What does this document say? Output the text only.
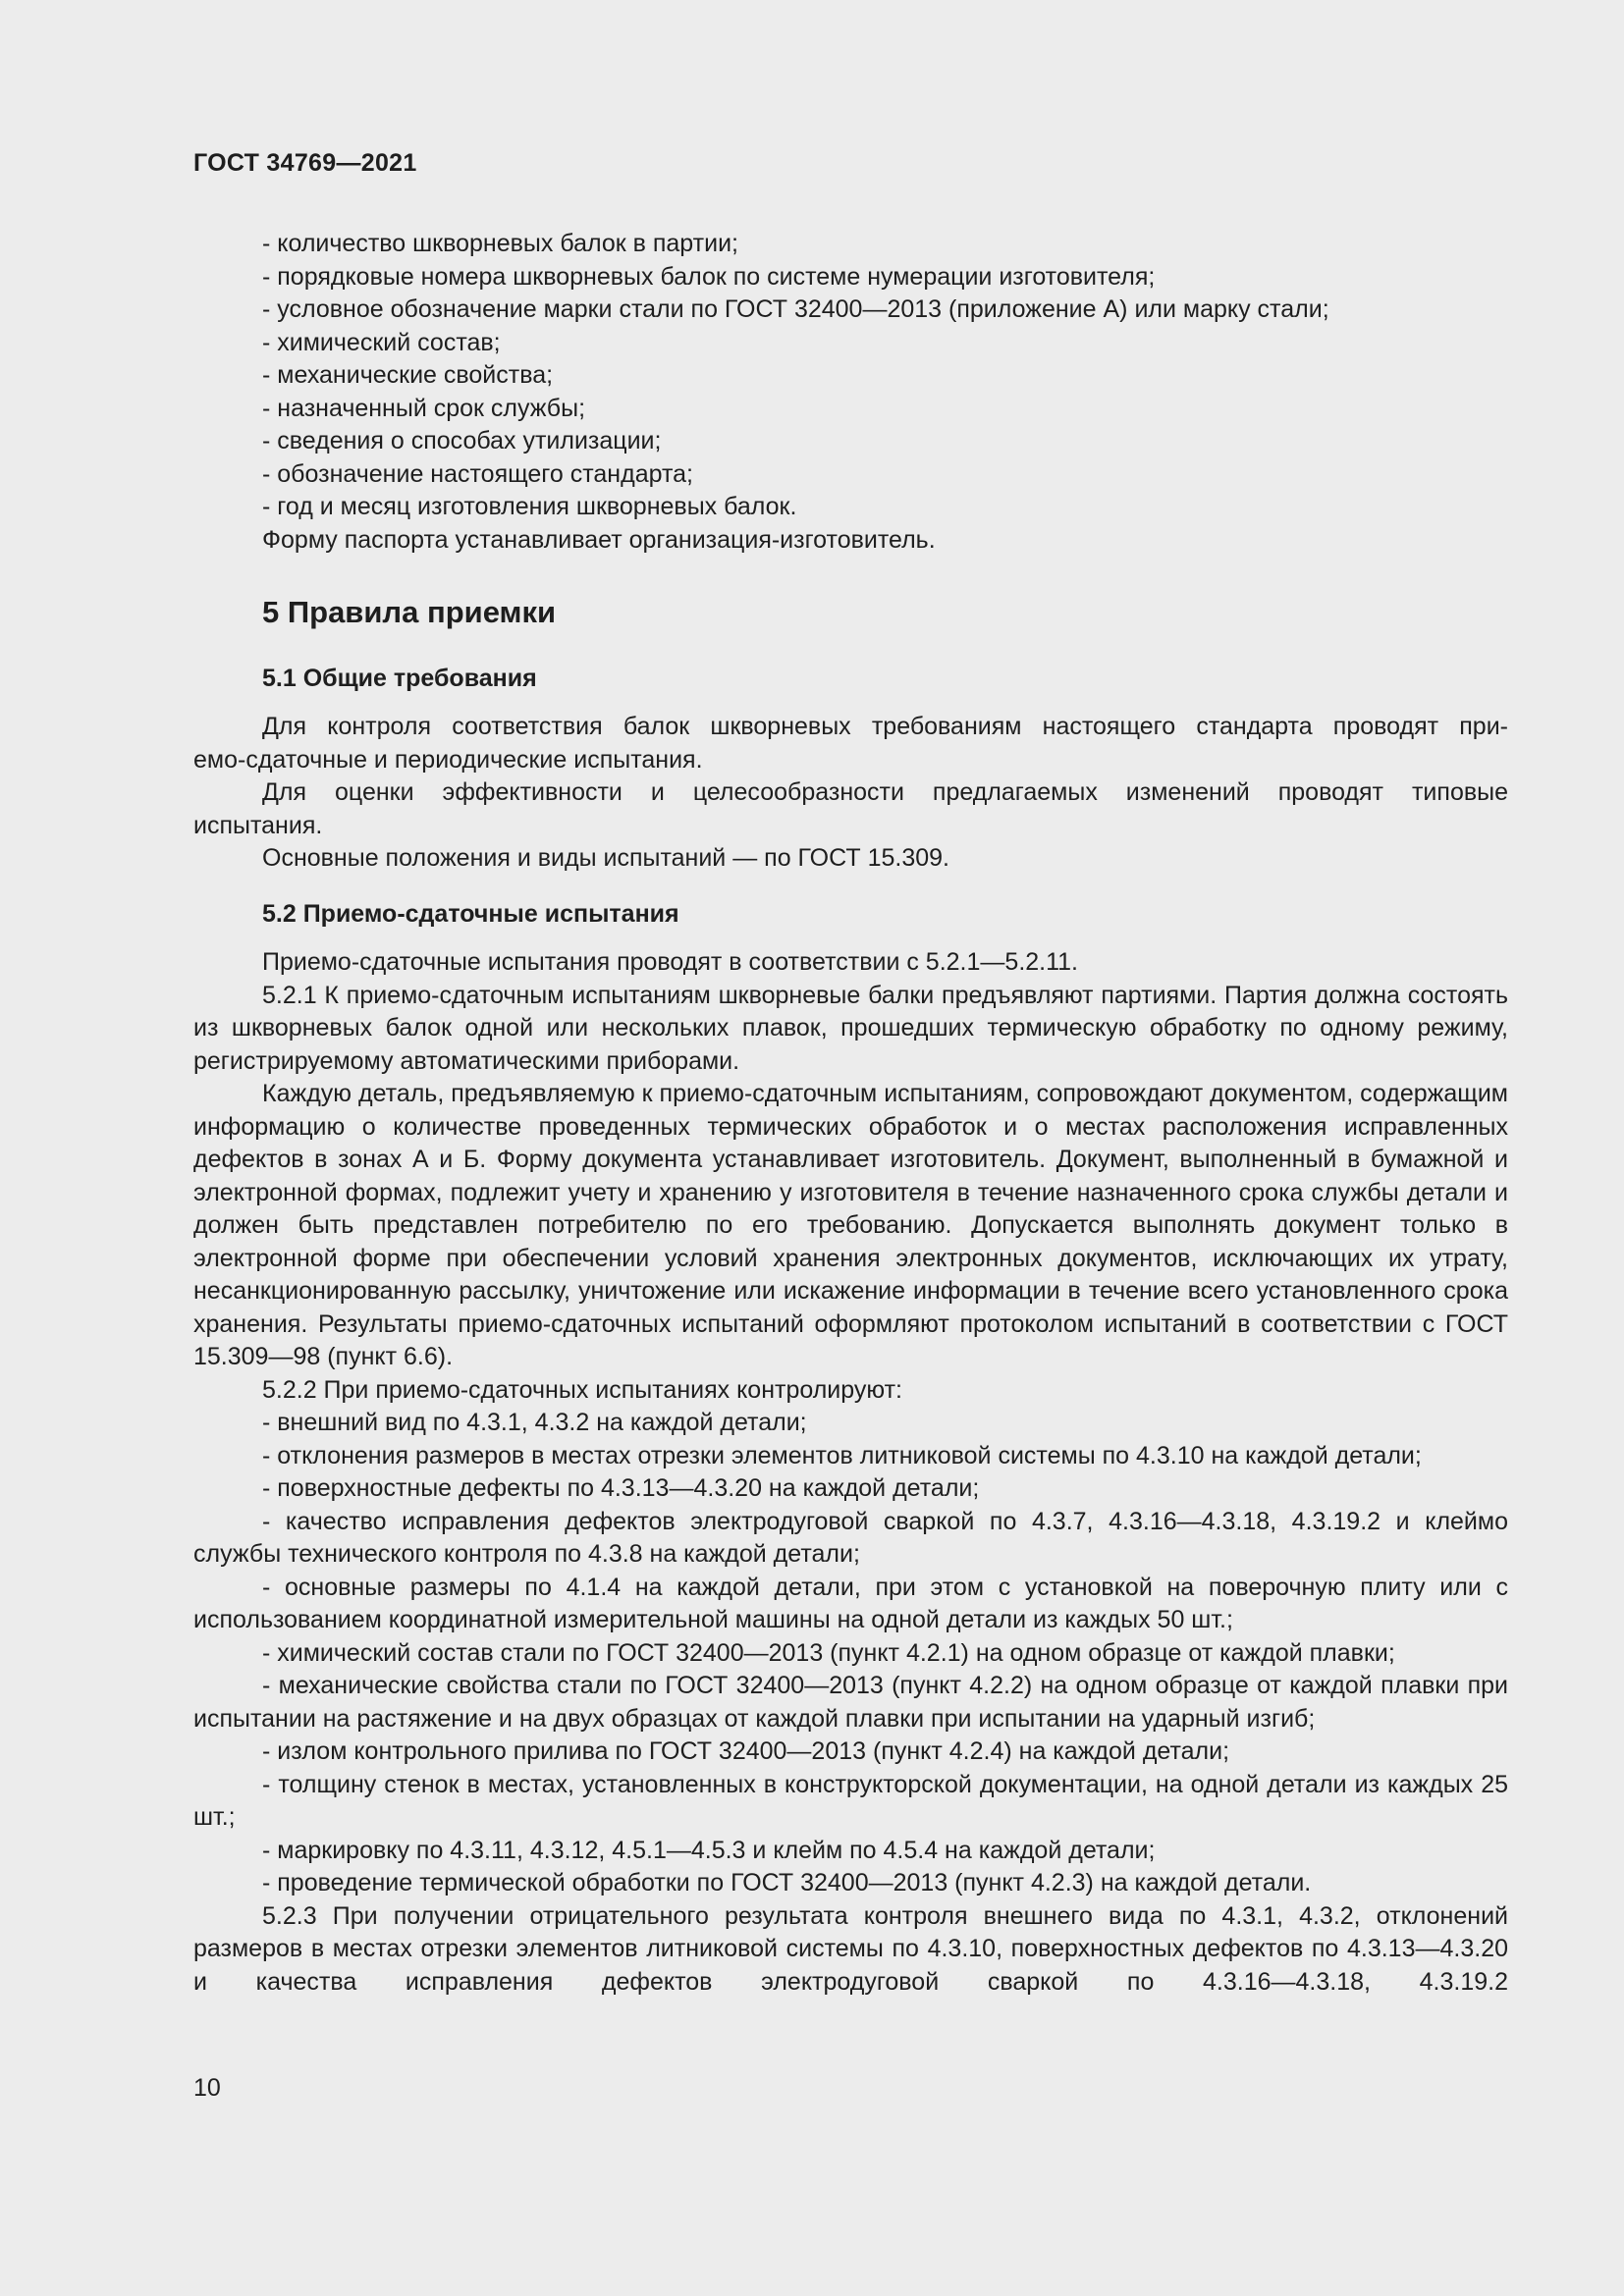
ГОСТ 34769—2021
- количество шкворневых балок в партии;
- порядковые номера шкворневых балок по системе нумерации изготовителя;
- условное обозначение марки стали по ГОСТ 32400—2013 (приложение А) или марку стали;
- химический состав;
- механические свойства;
- назначенный срок службы;
- сведения о способах утилизации;
- обозначение настоящего стандарта;
- год и месяц изготовления шкворневых балок.
Форму паспорта устанавливает организация-изготовитель.
5 Правила приемки
5.1 Общие требования

Для контроля соответствия балок шкворневых требованиям настоящего стандарта проводят при-

емо-сдаточные и периодические испытания.

Для оценки эффективности и целесообразности предлагаемых изменений проводят типовые

испытания.

Основные положения и виды испытаний — по ГОСТ 15.309.

5.2 Приемо-сдаточные испытания

Приемо-сдаточные испытания проводят в соответствии с 5.2.1—5.2.11.

5.2.1 К приемо-сдаточным испытаниям шкворневые балки предъявляют партиями. Партия должна состоять из шкворневых балок одной или нескольких плавок, прошедших термическую обработку по одному режиму, регистрируемому автоматическими приборами.

Каждую деталь, предъявляемую к приемо-сдаточным испытаниям, сопровождают документом, содержащим информацию о количестве проведенных термических обработок и о местах расположения исправленных дефектов в зонах А и Б. Форму документа устанавливает изготовитель. Документ, выполненный в бумажной и электронной формах, подлежит учету и хранению у изготовителя в течение назначенного срока службы детали и должен быть представлен потребителю по его требованию. Допускается выполнять документ только в электронной форме при обеспечении условий хранения электронных документов, исключающих их утрату, несанкционированную рассылку, уничтожение или искажение информации в течение всего установленного срока хранения. Результаты приемо-сдаточных испытаний оформляют протоколом испытаний в соответствии с ГОСТ 15.309—98 (пункт 6.6).

5.2.2 При приемо-сдаточных испытаниях контролируют:

- внешний вид по 4.3.1, 4.3.2 на каждой детали;

- отклонения размеров в местах отрезки элементов литниковой системы по 4.3.10 на каждой детали;

- поверхностные дефекты по 4.3.13—4.3.20 на каждой детали;

- качество исправления дефектов электродуговой сваркой по 4.3.7, 4.3.16—4.3.18, 4.3.19.2 и клеймо службы технического контроля по 4.3.8 на каждой детали;

- основные размеры по 4.1.4 на каждой детали, при этом с установкой на поверочную плиту или с использованием координатной измерительной машины на одной детали из каждых 50 шт.;

- химический состав стали по ГОСТ 32400—2013 (пункт 4.2.1) на одном образце от каждой плавки;

- механические свойства стали по ГОСТ 32400—2013 (пункт 4.2.2) на одном образце от каждой плавки при испытании на растяжение и на двух образцах от каждой плавки при испытании на ударный изгиб;

- излом контрольного прилива по ГОСТ 32400—2013 (пункт 4.2.4) на каждой детали;

- толщину стенок в местах, установленных в конструкторской документации, на одной детали из каждых 25 шт.;

- маркировку по 4.3.11, 4.3.12, 4.5.1—4.5.3 и клейм по 4.5.4 на каждой детали;

- проведение термической обработки по ГОСТ 32400—2013 (пункт 4.2.3) на каждой детали.

5.2.3 При получении отрицательного результата контроля внешнего вида по 4.3.1, 4.3.2, отклонений размеров в местах отрезки элементов литниковой системы по 4.3.10, поверхностных дефектов по 4.3.13—4.3.20 и качества исправления дефектов электродуговой сваркой по 4.3.16—4.3.18, 4.3.19.2

10
